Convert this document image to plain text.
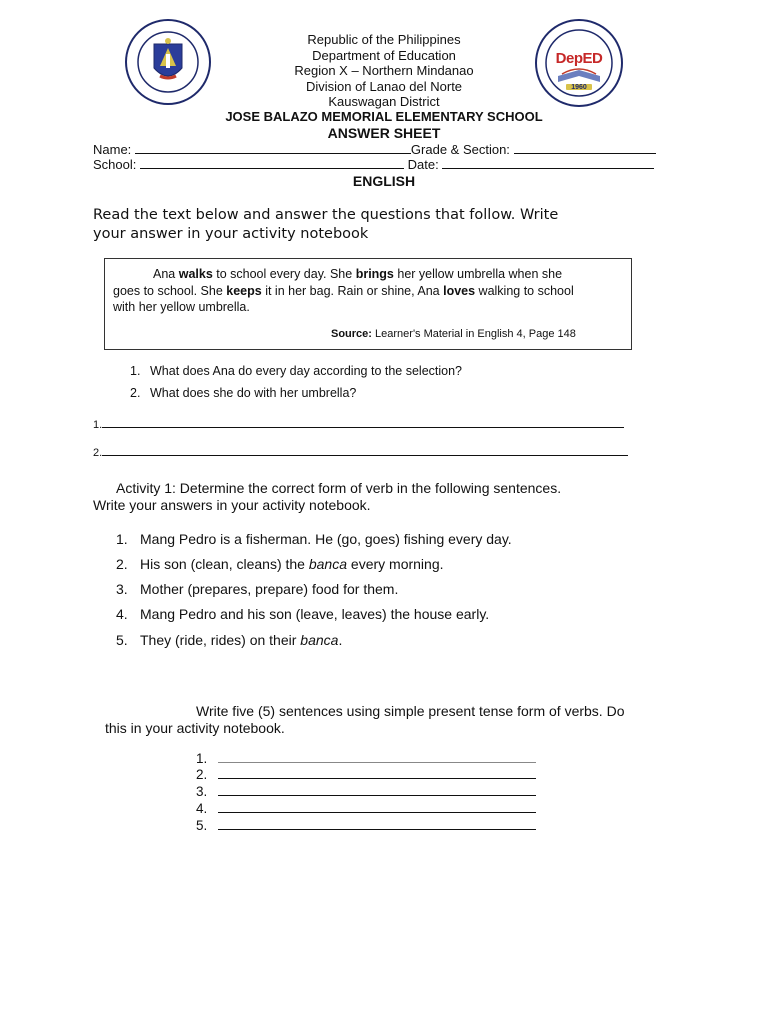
DepED
1960
Republic of the Philippines
Department of Education
Region X – Northern Mindanao
Division of Lanao del Norte
Kauswagan District
JOSE BALAZO MEMORIAL ELEMENTARY SCHOOL
ANSWER SHEET
Name:	Grade & Section:
School:	Date:
ENGLISH
Read the text below and answer the questions that follow. Write
your answer in your activity notebook
Ana walks to school every day. She brings her yellow umbrella when she
goes to school. She keeps it in her bag. Rain or shine, Ana loves walking to school
with her yellow umbrella.
Source: Learner's Material in English 4, Page 148
1. What does Ana do every day according to the selection?
2. What does she do with her umbrella?
1.
2.
Activity 1: Determine the correct form of verb in the following sentences.
Write your answers in your activity notebook.
1. Mang Pedro is a fisherman. He (go, goes) fishing every day.
2. His son (clean, cleans) the banca every morning.
3. Mother (prepares, prepare) food for them.
4. Mang Pedro and his son (leave, leaves) the house early.
5. They (ride, rides) on their banca.
Write five (5) sentences using simple present tense form of verbs. Do
this in your activity notebook.
1.
2.
3.
4.
5.
